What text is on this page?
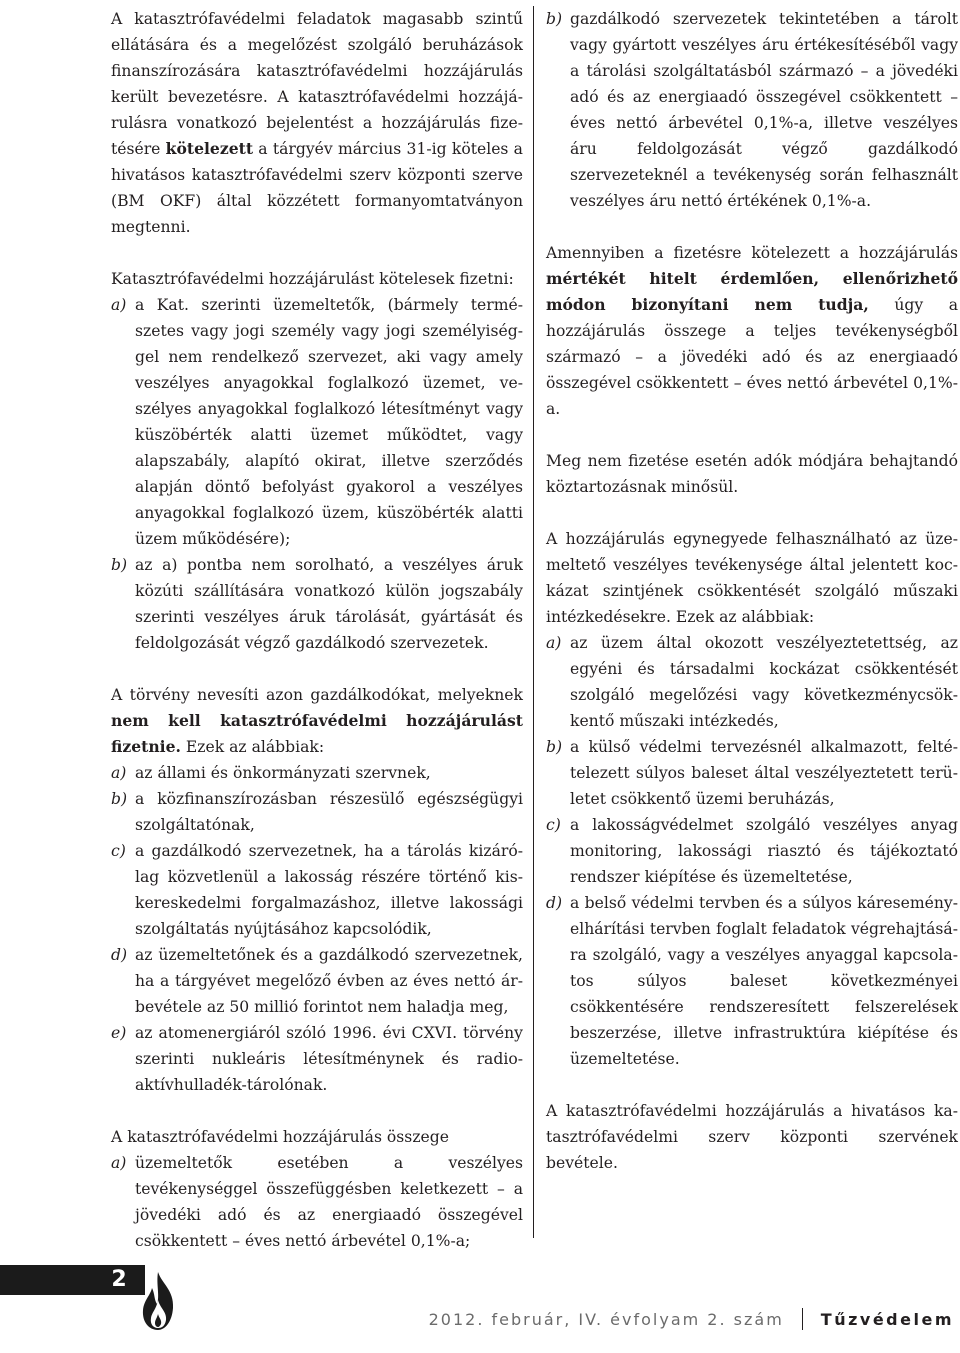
A katasztrófavédelmi feladatok magasabb szintű ellátására és a megelőzést szolgáló beruházások finanszírozására katasztrófavédelmi hozzájárulás került bevezetésre. A katasztrófavédelmi hozzájárulásra vonatkozó bejelentést a hozzájárulás fizetésére kötelezett a tárgyév március 31-ig köteles a hivatásos katasztrófavédelmi szerv központi szerve (BM OKF) által közzétett formanyomtatványon megtenni.

Katasztrófavédelmi hozzájárulást kötelesek fizetni:
a) a Kat. szerinti üzemeltetők, (bármely természetes vagy jogi személy vagy jogi személyiséggel nem rendelkező szervezet, aki vagy amely veszélyes anyagokkal foglalkozó üzemet, veszélyes anyagokkal foglalkozó létesítményt vagy küszöbérték alatti üzemet működtet, vagy alapszabály, alapító okirat, illetve szerződés alapján döntő befolyást gyakorol a veszélyes anyagokkal foglalkozó üzem, küszöbérték alatti üzem működésére);
b) az a) pontba nem sorolható, a veszélyes áruk közúti szállítására vonatkozó külön jogszabály szerinti veszélyes áruk tárolását, gyártását és feldolgozását végző gazdálkodó szervezetek.
A törvény nevesíti azon gazdálkodókat, melyeknek nem kell katasztrófavédelmi hozzájárulást fizetnie. Ezek az alábbiak:
a) az állami és önkormányzati szervnek,
b) a közfinanszírozásban részesülő egészségügyi szolgáltatónak,
c) a gazdálkodó szervezetnek, ha a tárolás kizárólag közvetlenül a lakosság részére történő kiskereskedelmi forgalmazáshoz, illetve lakossági szolgáltatás nyújtásához kapcsolódik,
d) az üzemeltetőnek és a gazdálkodó szervezetnek, ha a tárgyévet megelőző évben az éves nettó árbevétele az 50 millió forintot nem haladja meg,
e) az atomenergiáról szóló 1996. évi CXVI. törvény szerinti nukleáris létesítménynek és radioaktívhulladék-tárolónak.
A katasztrófavédelmi hozzájárulás összege
a) üzemeltetők esetében a veszélyes tevékenységgel összefüggésben keletkezett – a jövedéki adó és az energiaadó összegével csökkentett – éves nettó árbevétel 0,1%-a;
b) gazdálkodó szervezetek tekintetében a tárolt vagy gyártott veszélyes áru értékesítéséből vagy a tárolási szolgáltatásból származó – a jövedéki adó és az energiaadó összegével csökkentett – éves nettó árbevétel 0,1%-a, illetve veszélyes áru feldolgozását végző gazdálkodó szervezeteknél a tevékenység során felhasznált veszélyes áru nettó értékének 0,1%-a.

Amennyiben a fizetésre kötelezett a hozzájárulás mértékét hitelt érdemlően, ellenőrizhető módon bizonyítani nem tudja, úgy a hozzájárulás összege a teljes tevékenységből származó – a jövedéki adó és az energiaadó összegével csökkentett – éves nettó árbevétel 0,1%-a.

Meg nem fizetése esetén adók módjára behajtandó köztartozásnak minősül.

A hozzájárulás egynegyede felhasználható az üzemeltető veszélyes tevékenysége által jelentett kockázat szintjének csökkentését szolgáló műszaki intézkedésekre. Ezek az alábbiak:
a) az üzem által okozott veszélyeztetettség, az egyéni és társadalmi kockázat csökkentését szolgáló megelőzési vagy következménycsökkentő műszaki intézkedés,
b) a külső védelmi tervezésnél alkalmazott, feltételezett súlyos baleset által veszélyeztetett területet csökkentő üzemi beruházás,
c) a lakosságvédelmet szolgáló veszélyes anyag monitoring, lakossági riasztó és tájékoztató rendszer kiépítése és üzemeltetése,
d) a belső védelmi tervben és a súlyos káreseményelhárítási tervben foglalt feladatok végrehajtására szolgáló, vagy a veszélyes anyaggal kapcsolatos súlyos baleset következményei csökkentésére rendszeresített felszerelések beszerzése, illetve infrastruktúra kiépítése és üzemeltetése.

A katasztrófavédelmi hozzájárulás a hivatásos katasztrófavédelmi szerv központi szervének bevétele.

2
2012. február, IV. évfolyam 2. szám Tűzvédelem
